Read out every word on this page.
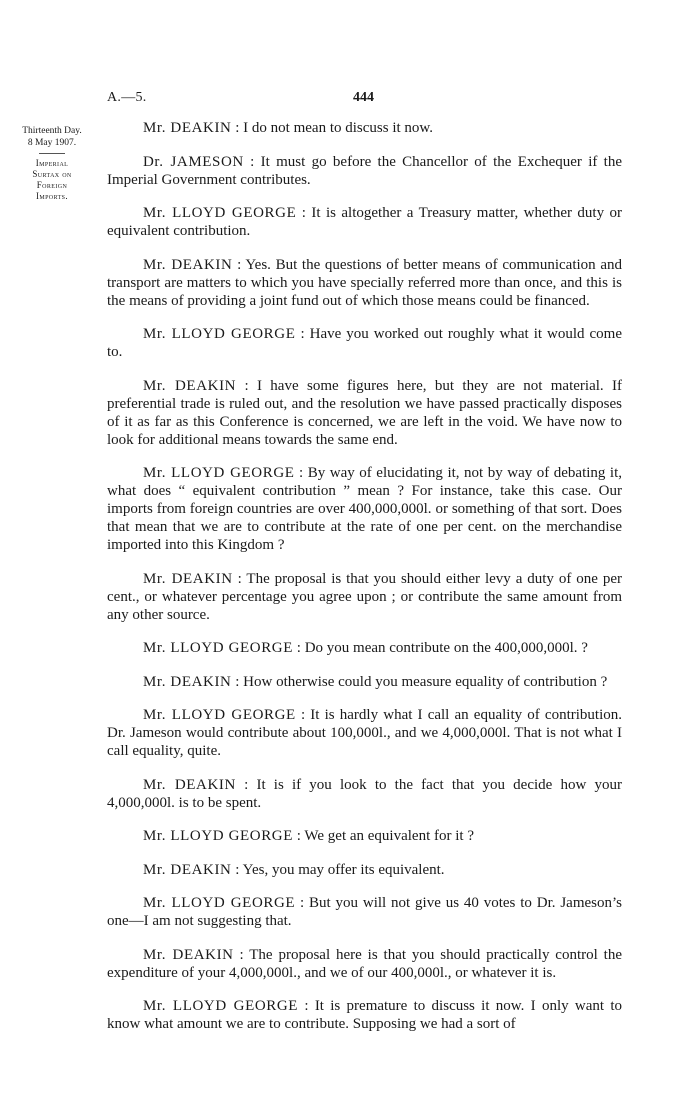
A.—5.	444
Thirteenth Day.
8 May 1907.
Imperial
Surtax on
Foreign
Imports.

Mr. DEAKIN : I do not mean to discuss it now.

Dr. JAMESON : It must go before the Chancellor of the Exchequer if the Imperial Government contributes.

Mr. LLOYD GEORGE : It is altogether a Treasury matter, whether duty or equivalent contribution.

Mr. DEAKIN : Yes. But the questions of better means of communication and transport are matters to which you have specially referred more than once, and this is the means of providing a joint fund out of which those means could be financed.

Mr. LLOYD GEORGE : Have you worked out roughly what it would come to.

Mr. DEAKIN : I have some figures here, but they are not material. If preferential trade is ruled out, and the resolution we have passed practically disposes of it as far as this Conference is concerned, we are left in the void. We have now to look for additional means towards the same end.

Mr. LLOYD GEORGE : By way of elucidating it, not by way of debating it, what does “ equivalent contribution ” mean ? For instance, take this case. Our imports from foreign countries are over 400,000,000l. or something of that sort. Does that mean that we are to contribute at the rate of one per cent. on the merchandise imported into this Kingdom ?

Mr. DEAKIN : The proposal is that you should either levy a duty of one per cent., or whatever percentage you agree upon ; or contribute the same amount from any other source.

Mr. LLOYD GEORGE : Do you mean contribute on the 400,000,000l. ?

Mr. DEAKIN : How otherwise could you measure equality of contribution ?

Mr. LLOYD GEORGE : It is hardly what I call an equality of contribution. Dr. Jameson would contribute about 100,000l., and we 4,000,000l. That is not what I call equality, quite.

Mr. DEAKIN : It is if you look to the fact that you decide how your 4,000,000l. is to be spent.

Mr. LLOYD GEORGE : We get an equivalent for it ?

Mr. DEAKIN : Yes, you may offer its equivalent.

Mr. LLOYD GEORGE : But you will not give us 40 votes to Dr. Jameson’s one—I am not suggesting that.

Mr. DEAKIN : The proposal here is that you should practically control the expenditure of your 4,000,000l., and we of our 400,000l., or whatever it is.

Mr. LLOYD GEORGE : It is premature to discuss it now. I only want to know what amount we are to contribute. Supposing we had a sort of
